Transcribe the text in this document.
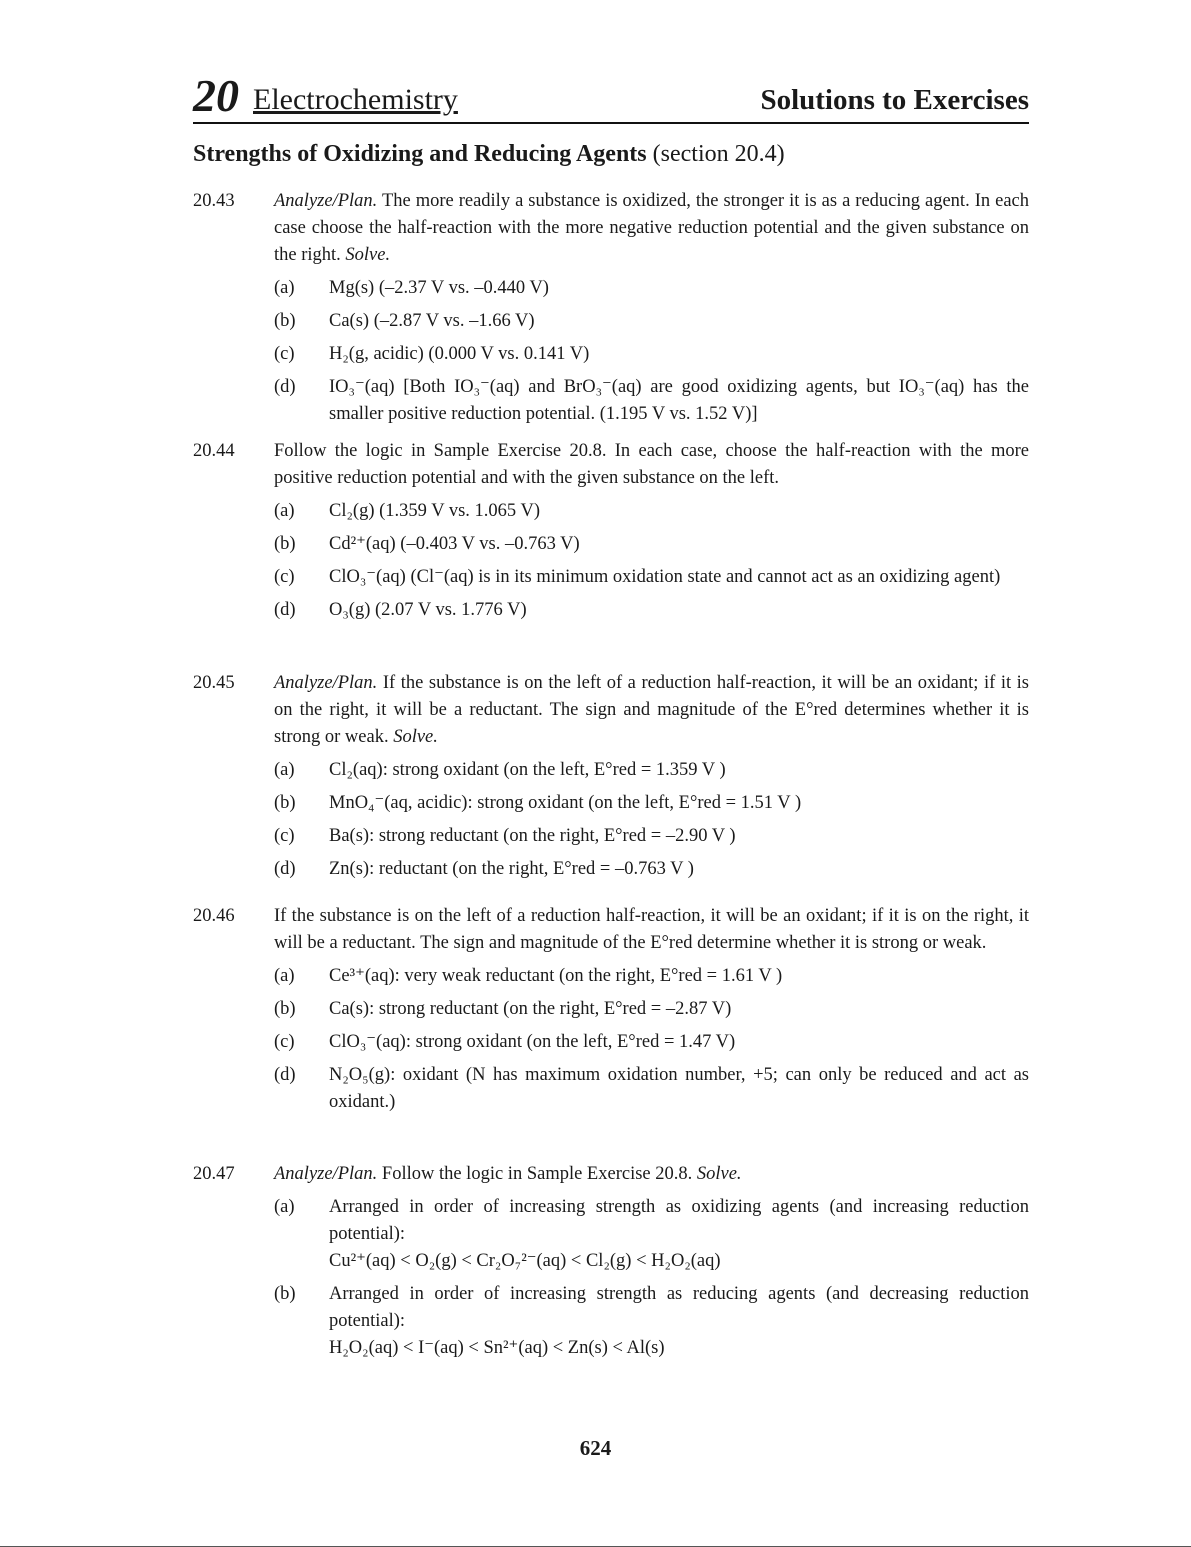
20 Electrochemistry	Solutions to Exercises
Strengths of Oxidizing and Reducing Agents (section 20.4)
20.43 Analyze/Plan. The more readily a substance is oxidized, the stronger it is as a reducing agent. In each case choose the half-reaction with the more negative reduction potential and the given substance on the right. Solve.

(a) Mg(s) (–2.37 V vs. –0.440 V)

(b) Ca(s) (–2.87 V vs. –1.66 V)

(c) H₂(g, acidic) (0.000 V vs. 0.141 V)

(d) IO₃⁻(aq) [Both IO₃⁻(aq) and BrO₃⁻(aq) are good oxidizing agents, but IO₃⁻(aq) has the smaller positive reduction potential. (1.195 V vs. 1.52 V)]

20.44 Follow the logic in Sample Exercise 20.8. In each case, choose the half-reaction with the more positive reduction potential and with the given substance on the left.

(a) Cl₂(g) (1.359 V vs. 1.065 V)

(b) Cd²⁺(aq) (–0.403 V vs. –0.763 V)

(c) ClO₃⁻(aq) (Cl⁻(aq) is in its minimum oxidation state and cannot act as an oxidizing agent)

(d) O₃(g) (2.07 V vs. 1.776 V)

20.45 Analyze/Plan. If the substance is on the left of a reduction half-reaction, it will be an oxidant; if it is on the right, it will be a reductant. The sign and magnitude of the E°red determines whether it is strong or weak. Solve.

(a) Cl₂(aq): strong oxidant (on the left, E°red = 1.359 V )

(b) MnO₄⁻(aq, acidic): strong oxidant (on the left, E°red = 1.51 V )

(c) Ba(s): strong reductant (on the right, E°red = –2.90 V )

(d) Zn(s): reductant (on the right, E°red = –0.763 V )

20.46 If the substance is on the left of a reduction half-reaction, it will be an oxidant; if it is on the right, it will be a reductant. The sign and magnitude of the E°red determine whether it is strong or weak.

(a) Ce³⁺(aq): very weak reductant (on the right, E°red = 1.61 V )

(b) Ca(s): strong reductant (on the right, E°red = –2.87 V)

(c) ClO₃⁻(aq): strong oxidant (on the left, E°red = 1.47 V)

(d) N₂O₅(g): oxidant (N has maximum oxidation number, +5; can only be reduced and act as oxidant.)

20.47 Analyze/Plan. Follow the logic in Sample Exercise 20.8. Solve.

(a) Arranged in order of increasing strength as oxidizing agents (and increasing reduction potential):

Cu²⁺(aq) < O₂(g) < Cr₂O₇²⁻(aq) < Cl₂(g) < H₂O₂(aq)

(b) Arranged in order of increasing strength as reducing agents (and decreasing reduction potential):

H₂O₂(aq) < I⁻(aq) < Sn²⁺(aq) < Zn(s) < Al(s)

624
